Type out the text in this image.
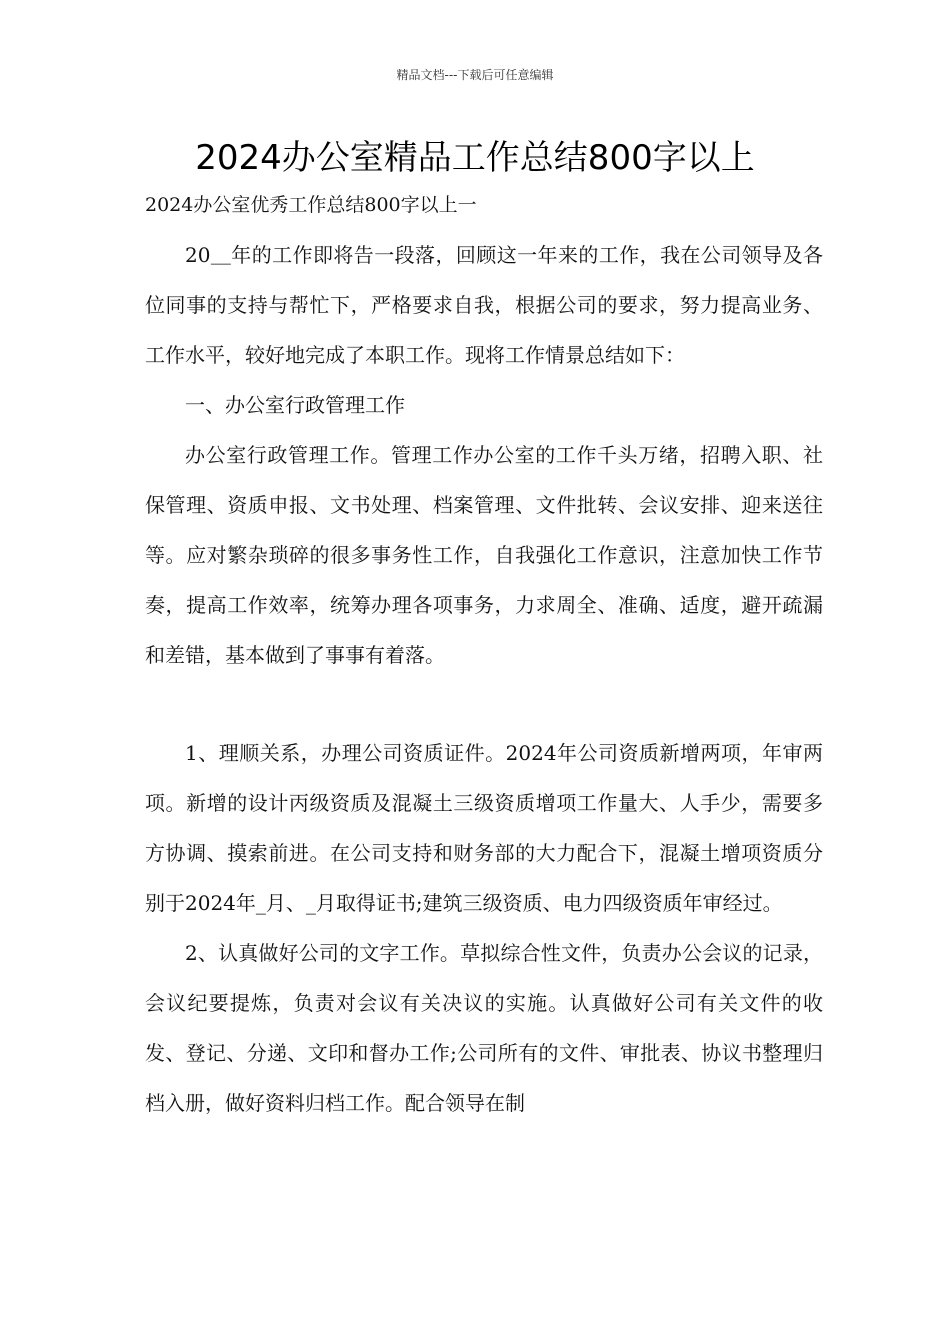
精品文档---下载后可任意编辑
2024办公室精品工作总结800字以上
2024办公室优秀工作总结800字以上一

20＿年的工作即将告一段落，回顾这一年来的工作，我在公司领导及各位同事的支持与帮忙下，严格要求自我，根据公司的要求，努力提高业务、工作水平，较好地完成了本职工作。现将工作情景总结如下：

一、办公室行政管理工作

办公室行政管理工作。管理工作办公室的工作千头万绪，招聘入职、社保管理、资质申报、文书处理、档案管理、文件批转、会议安排、迎来送往等。应对繁杂琐碎的很多事务性工作，自我强化工作意识，注意加快工作节奏，提高工作效率，统筹办理各项事务，力求周全、准确、适度，避开疏漏和差错，基本做到了事事有着落。

1、理顺关系，办理公司资质证件。2024年公司资质新增两项，年审两项。新增的设计丙级资质及混凝土三级资质增项工作量大、人手少，需要多方协调、摸索前进。在公司支持和财务部的大力配合下，混凝土增项资质分别于2024年_月、_月取得证书;建筑三级资质、电力四级资质年审经过。

2、认真做好公司的文字工作。草拟综合性文件，负责办公会议的记录，会议纪要提炼，负责对会议有关决议的实施。认真做好公司有关文件的收发、登记、分递、文印和督办工作;公司所有的文件、审批表、协议书整理归档入册，做好资料归档工作。配合领导在制
